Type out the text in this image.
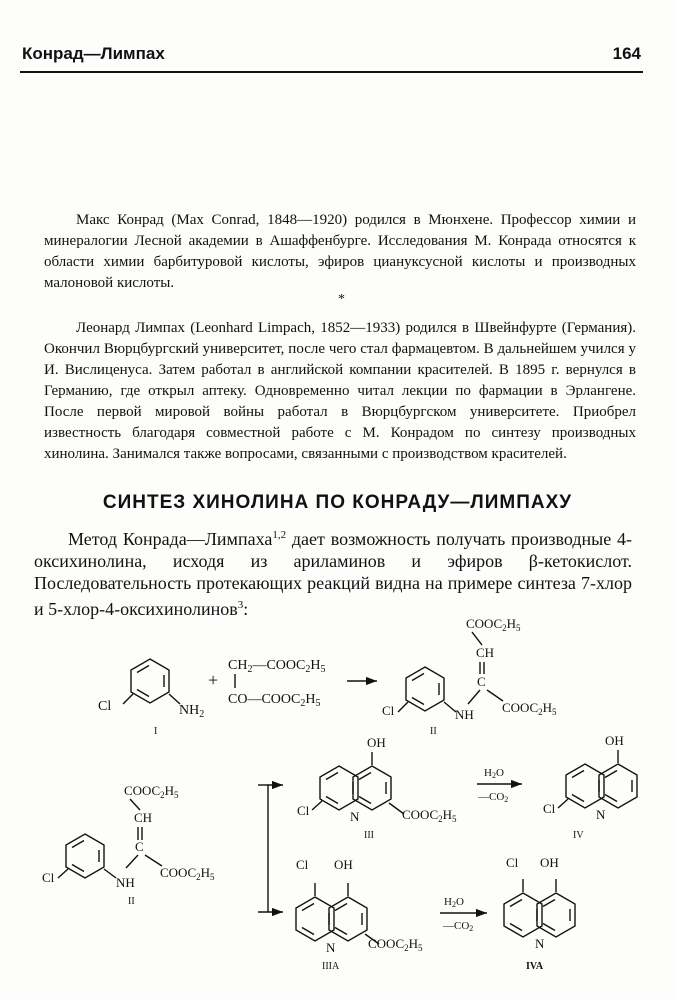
Конрад—Лимпах	164

Макс Конрад (Max Conrad, 1848—1920) родился в Мюнхене. Профессор химии и минералогии Лесной академии в Ашаффенбурге. Исследования М. Конрада относятся к области химии барбитуровой кислоты, эфиров циануксусной кислоты и производных малоновой кислоты.

*

Леонард Лимпах (Leonhard Limpach, 1852—1933) родился в Швейнфурте (Германия). Окончил Вюрцбургский университет, после чего стал фармацевтом. В дальнейшем учился у И. Вислиценуса. Затем работал в английской компании красителей. В 1895 г. вернулся в Германию, где открыл аптеку. Одновременно читал лекции по фармации в Эрлангене. После первой мировой войны работал в Вюрцбургском университете. Приобрел известность благодаря совместной работе с М. Конрадом по синтезу производных хинолина. Занимался также вопросами, связанными с производством красителей.

СИНТЕЗ ХИНОЛИНА ПО КОНРАДУ—ЛИМПАХУ

Метод Конрада—Лимпаха$^{1,2}$ дает возможность получать производные 4-оксихинолина, исходя из ариламинов и эфиров β-кетокислот. Последовательность протекающих реакций видна на примере синтеза 7-хлор и 5-хлор-4-оксихинолинов$^3$:

Cl	$NH_2$
I
+
$CH_2—COOC_2H_5$
$CO—COOC_2H_5$
$COOC_2H_5$
CH
C
$COOC_2H_5$
Cl	NH
II
$COOC_2H_5$
CH
C
$COOC_2H_5$
Cl	NH
II
OH
N
Cl	$COOC_2H_5$
III
H2O
—CO2
OH
N
Cl
IV
Cl OH
N	$COOC_2H_5$
IIIA
H2O
—CO2
Cl OH
N
IVA
